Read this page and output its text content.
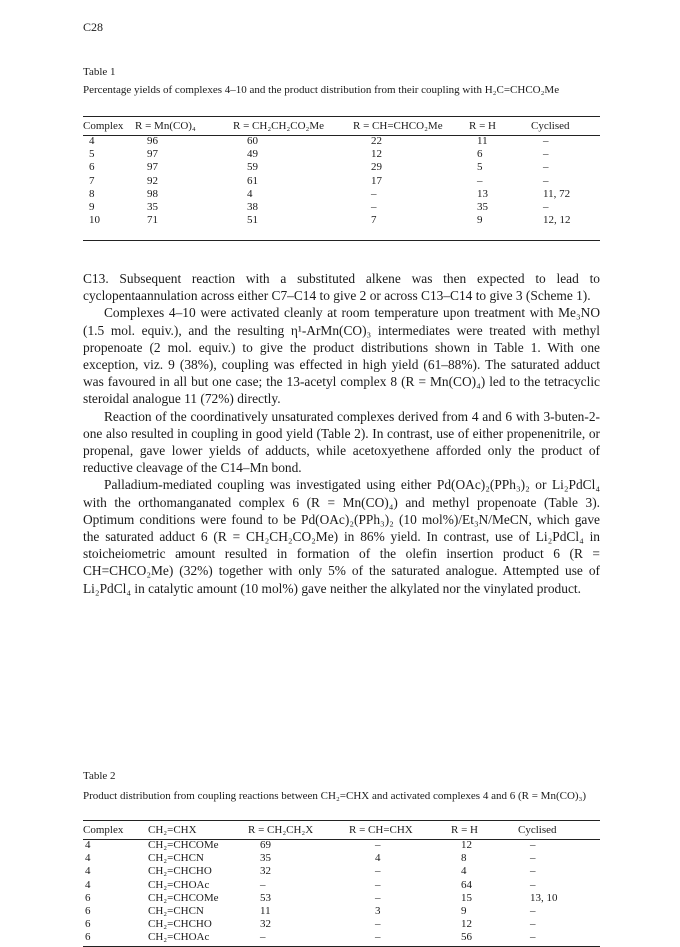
C28
Table 1
Percentage yields of complexes 4–10 and the product distribution from their coupling with H₂C=CHCO₂Me
Complex	R = Mn(CO)₄	R = CH₂CH₂CO₂Me	R = CH=CHCO₂Me	R = H	Cyclised
4	96	60	22	11	–
5	97	49	12	6	–
6	97	59	29	5	–
7	92	61	17	–	–
8	98	4	–	13	11, 72
9	35	38	–	35	–
10	71	51	7	9	12, 12

C13. Subsequent reaction with a substituted alkene was then expected to lead to cyclopentaannulation across either C7–C14 to give 2 or across C13–C14 to give 3 (Scheme 1).

Complexes 4–10 were activated cleanly at room temperature upon treatment with Me₃NO (1.5 mol. equiv.), and the resulting η¹-ArMn(CO)₃ intermediates were treated with methyl propenoate (2 mol. equiv.) to give the product distributions shown in Table 1. With one exception, viz. 9 (38%), coupling was effected in high yield (61–88%). The saturated adduct was favoured in all but one case; the 13-acetyl complex 8 (R = Mn(CO)₄) led to the tetracyclic steroidal analogue 11 (72%) directly.

Reaction of the coordinatively unsaturated complexes derived from 4 and 6 with 3-buten-2-one also resulted in coupling in good yield (Table 2). In contrast, use of either propenenitrile, or propenal, gave lower yields of adducts, while acetoxyethene afforded only the product of reductive cleavage of the C14–Mn bond.

Palladium-mediated coupling was investigated using either Pd(OAc)₂(PPh₃)₂ or Li₂PdCl₄ with the orthomanganated complex 6 (R = Mn(CO)₄) and methyl propenoate (Table 3). Optimum conditions were found to be Pd(OAc)₂(PPh₃)₂ (10 mol%)/Et₃N/MeCN, which gave the saturated adduct 6 (R = CH₂CH₂CO₂Me) in 86% yield. In contrast, use of Li₂PdCl₄ in stoicheiometric amount resulted in formation of the olefin insertion product 6 (R = CH=CHCO₂Me) (32%) together with only 5% of the saturated analogue. Attempted use of Li₂PdCl₄ in catalytic amount (10 mol%) gave neither the alkylated nor the vinylated product.

Table 2
Product distribution from coupling reactions between CH₂=CHX and activated complexes 4 and 6 (R = Mn(CO)₃)
Complex	CH₂=CHX	R = CH₂CH₂X	R = CH=CHX	R = H	Cyclised
4	CH₂=CHCOMe	69	–	12	–
4	CH₂=CHCN	35	4	8	–
4	CH₂=CHCHO	32	–	4	–
4	CH₂=CHOAc	–	–	64	–
6	CH₂=CHCOMe	53	–	15	13, 10
6	CH₂=CHCN	11	3	9	–
6	CH₂=CHCHO	32	–	12	–
6	CH₂=CHOAc	–	–	56	–
